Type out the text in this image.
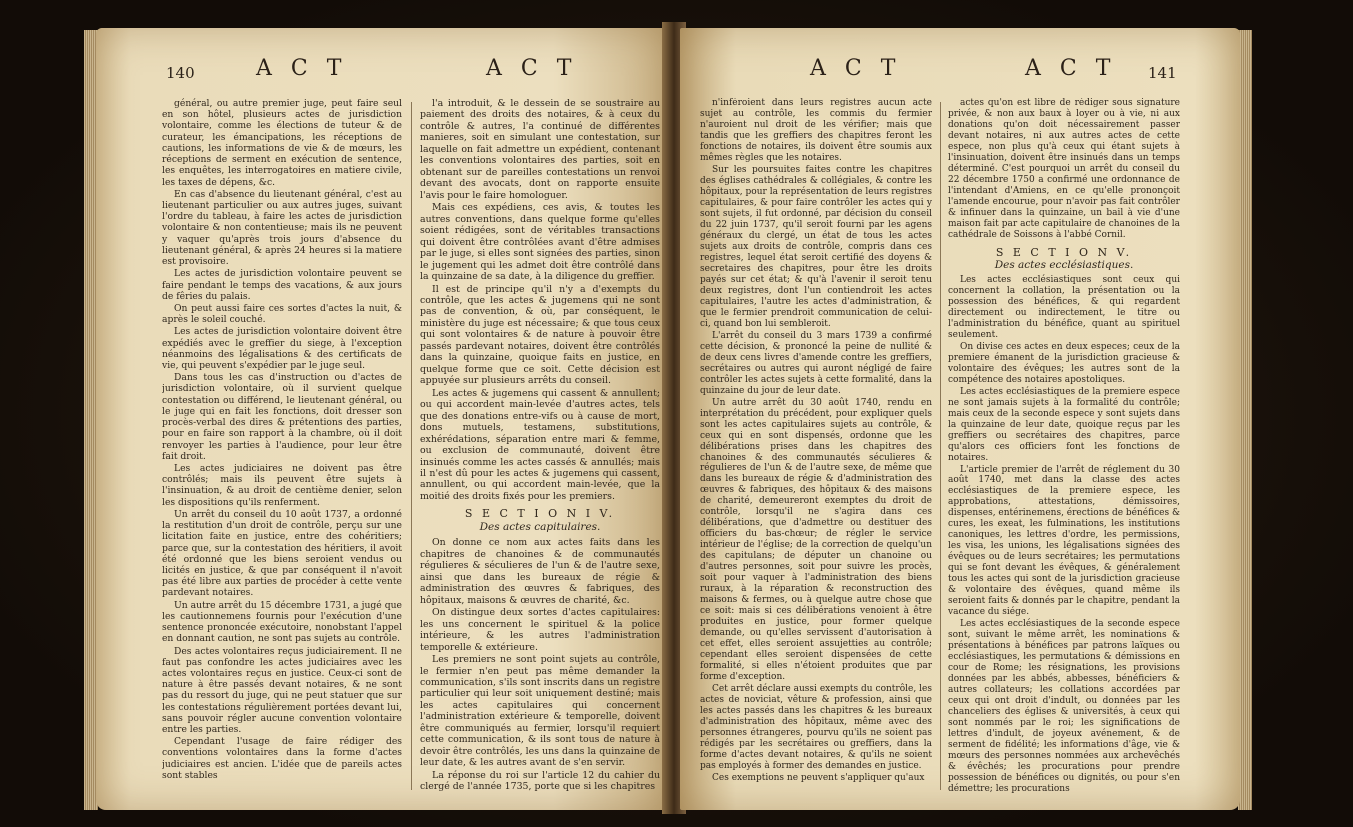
140	A C T	A C T

général, ou autre premier juge, peut faire seul en son hôtel, plusieurs actes de jurisdiction volontaire, comme les élections de tuteur & de curateur, les émancipations, les réceptions de cautions, les informations de vie & de mœurs, les réceptions de serment en exécution de sentence, les enquêtes, les interrogatoires en matiere civile, les taxes de dépens, &c.

En cas d'absence du lieutenant général, c'est au lieutenant particulier ou aux autres juges, suivant l'ordre du tableau, à faire les actes de jurisdiction volontaire & non contentieuse; mais ils ne peuvent y vaquer qu'après trois jours d'absence du lieutenant général, & après 24 heures si la matiere est provisoire.

Les actes de jurisdiction volontaire peuvent se faire pendant le temps des vacations, & aux jours de fêries du palais.

On peut aussi faire ces sortes d'actes la nuit, & après le soleil couché.

Les actes de jurisdiction volontaire doivent être expédiés avec le greffier du siege, à l'exception néanmoins des légalisations & des certificats de vie, qui peuvent s'expédier par le juge seul.

Dans tous les cas d'instruction ou d'actes de jurisdiction volontaire, où il survient quelque contestation ou différend, le lieutenant général, ou le juge qui en fait les fonctions, doit dresser son procès-verbal des dires & prétentions des parties, pour en faire son rapport à la chambre, où il doit renvoyer les parties à l'audience, pour leur être fait droit.

Les actes judiciaires ne doivent pas être contrôlés; mais ils peuvent être sujets à l'insinuation, & au droit de centième denier, selon les dispositions qu'ils renferment.

Un arrêt du conseil du 10 août 1737, a ordonné la restitution d'un droit de contrôle, perçu sur une licitation faite en justice, entre des cohéritiers; parce que, sur la contestation des héritiers, il avoit été ordonné que les biens seroient vendus ou licités en justice, & que par conséquent il n'avoit pas été libre aux parties de procéder à cette vente pardevant notaires.

Un autre arrêt du 15 décembre 1731, a jugé que les cautionnemens fournis pour l'exécution d'une sentence prononcée exécutoire, nonobstant l'appel en donnant caution, ne sont pas sujets au contrôle.

Des actes volontaires reçus judiciairement. Il ne faut pas confondre les actes judiciaires avec les actes volontaires reçus en justice. Ceux-ci sont de nature à être passés devant notaires, & ne sont pas du ressort du juge, qui ne peut statuer que sur les contestations régulièrement portées devant lui, sans pouvoir régler aucune convention volontaire entre les parties.

Cependant l'usage de faire rédiger des conventions volontaires dans la forme d'actes judiciaires est ancien. L'idée que de pareils actes sont stables

l'a introduit, & le dessein de se soustraire au paiement des droits des notaires, & à ceux du contrôle & autres, l'a continué de différentes manieres, soit en simulant une contestation, sur laquelle on fait admettre un expédient, contenant les conventions volontaires des parties, soit en obtenant sur de pareilles contestations un renvoi devant des avocats, dont on rapporte ensuite l'avis pour le faire homologuer.

Mais ces expédiens, ces avis, & toutes les autres conventions, dans quelque forme qu'elles soient rédigées, sont de véritables transactions qui doivent être contrôlées avant d'être admises par le juge, si elles sont signées des parties, sinon le jugement qui les admet doit être contrôlé dans la quinzaine de sa date, à la diligence du greffier.

Il est de principe qu'il n'y a d'exempts du contrôle, que les actes & jugemens qui ne sont pas de convention, & où, par conséquent, le ministère du juge est nécessaire; & que tous ceux qui sont volontaires & de nature à pouvoir être passés pardevant notaires, doivent être contrôlés dans la quinzaine, quoique faits en justice, en quelque forme que ce soit. Cette décision est appuyée sur plusieurs arrêts du conseil.

Les actes & jugemens qui cassent & annullent; ou qui accordent main-levée d'autres actes, tels que des donations entre-vifs ou à cause de mort, dons mutuels, testamens, substitutions, exhérédations, séparation entre mari & femme, ou exclusion de communauté, doivent être insinués comme les actes cassés & annullés; mais il n'est dû pour les actes & jugemens qui cassent, annullent, ou qui accordent main-levée, que la moitié des droits fixés pour les premiers.

S E C T I O N I V.
Des actes capitulaires.

On donne ce nom aux actes faits dans les chapitres de chanoines & de communautés régulieres & séculieres de l'un & de l'autre sexe, ainsi que dans les bureaux de régie & administration des œuvres & fabriques, des hôpitaux, maisons & œuvres de charité, &c.

On distingue deux sortes d'actes capitulaires: les uns concernent le spirituel & la police intérieure, & les autres l'administration temporelle & extérieure.

Les premiers ne sont point sujets au contrôle, le fermier n'en peut pas même demander la communication, s'ils sont inscrits dans un registre particulier qui leur soit uniquement destiné; mais les actes capitulaires qui concernent l'administration extérieure & temporelle, doivent être communiqués au fermier, lorsqu'il requiert cette communication, & ils sont tous de nature à devoir être contrôlés, les uns dans la quinzaine de leur date, & les autres avant de s'en servir.

La réponse du roi sur l'article 12 du cahier du clergé de l'année 1735, porte que si les chapitres

A C T	A C T 141

n'inféroient dans leurs registres aucun acte sujet au contrôle, les commis du fermier n'auroient nul droit de les vérifier; mais que tandis que les greffiers des chapitres feront les fonctions de notaires, ils doivent être soumis aux mêmes règles que les notaires.

Sur les poursuites faites contre les chapitres des églises cathédrales & collégiales, & contre les hôpitaux, pour la représentation de leurs registres capitulaires, & pour faire contrôler les actes qui y sont sujets, il fut ordonné, par décision du conseil du 22 juin 1737, qu'il seroit fourni par les agens généraux du clergé, un état de tous les actes sujets aux droits de contrôle, compris dans ces registres, lequel état seroit certifié des doyens & secretaires des chapitres, pour être les droits payés sur cet état; & qu'à l'avenir il seroit tenu deux registres, dont l'un contiendroit les actes capitulaires, l'autre les actes d'administration, & que le fermier prendroit communication de celui-ci, quand bon lui sembleroit.

L'arrêt du conseil du 3 mars 1739 a confirmé cette décision, & prononcé la peine de nullité & de deux cens livres d'amende contre les greffiers, secrétaires ou autres qui auront négligé de faire contrôler les actes sujets à cette formalité, dans la quinzaine du jour de leur date.

Un autre arrêt du 30 août 1740, rendu en interprétation du précédent, pour expliquer quels sont les actes capitulaires sujets au contrôle, & ceux qui en sont dispensés, ordonne que les délibérations prises dans les chapitres des chanoines & des communautés séculieres & régulieres de l'un & de l'autre sexe, de même que dans les bureaux de régie & d'administration des œuvres & fabriques, des hôpitaux & des maisons de charité, demeureront exemptes du droit de contrôle, lorsqu'il ne s'agira dans ces délibérations, que d'admettre ou destituer des officiers du bas-chœur; de régler le service intérieur de l'église; de la correction de quelqu'un des capitulans; de députer un chanoine ou d'autres personnes, soit pour suivre les procès, soit pour vaquer à l'administration des biens ruraux, à la réparation & reconstruction des maisons & fermes, ou à quelque autre chose que ce soit: mais si ces délibérations venoient à être produites en justice, pour former quelque demande, ou qu'elles servissent d'autorisation à cet effet, elles seroient assujetties au contrôle; cependant elles seroient dispensées de cette formalité, si elles n'étoient produites que par forme d'exception.

Cet arrêt déclare aussi exempts du contrôle, les actes de noviciat, vêture & profession, ainsi que les actes passés dans les chapitres & les bureaux d'administration des hôpitaux, même avec des personnes étrangeres, pourvu qu'ils ne soient pas rédigés par les secrétaires ou greffiers, dans la forme d'actes devant notaires, & qu'ils ne soient pas employés à former des demandes en justice.

Ces exemptions ne peuvent s'appliquer qu'aux

actes qu'on est libre de rédiger sous signature privée, & non aux baux à loyer ou à vie, ni aux donations qu'on doit nécessairement passer devant notaires, ni aux autres actes de cette espece, non plus qu'à ceux qui étant sujets à l'insinuation, doivent être insinués dans un temps déterminé. C'est pourquoi un arrêt du conseil du 22 décembre 1750 a confirmé une ordonnance de l'intendant d'Amiens, en ce qu'elle prononçoit l'amende encourue, pour n'avoir pas fait contrôler & infinuer dans la quinzaine, un bail à vie d'une maison fait par acte capitulaire de chanoines de la cathédrale de Soissons à l'abbé Cornil.

S E C T I O N V.
Des actes ecclésiastiques.

Les actes ecclésiastiques sont ceux qui concernent la collation, la présentation ou la possession des bénéfices, & qui regardent directement ou indirectement, le titre ou l'administration du bénéfice, quant au spirituel seulement.

On divise ces actes en deux especes; ceux de la premiere émanent de la jurisdiction gracieuse & volontaire des évêques; les autres sont de la compétence des notaires apostoliques.

Les actes ecclésiastiques de la premiere espece ne sont jamais sujets à la formalité du contrôle; mais ceux de la seconde espece y sont sujets dans la quinzaine de leur date, quoique reçus par les greffiers ou secrétaires des chapitres, parce qu'alors ces officiers font les fonctions de notaires.

L'article premier de l'arrêt de réglement du 30 août 1740, met dans la classe des actes ecclésiastiques de la premiere espece, les approbations, attestations, démissoires, dispenses, entérinemens, érections de bénéfices & cures, les exeat, les fulminations, les institutions canoniques, les lettres d'ordre, les permissions, les visa, les unions, les légalisations signées des évêques ou de leurs secrétaires; les permutations qui se font devant les évêques, & généralement tous les actes qui sont de la jurisdiction gracieuse & volontaire des évêques, quand même ils seroient faits & donnés par le chapitre, pendant la vacance du siége.

Les actes ecclésiastiques de la seconde espece sont, suivant le même arrêt, les nominations & présentations à bénéfices par patrons laïques ou ecclésiastiques, les permutations & démissions en cour de Rome; les résignations, les provisions données par les abbés, abbesses, bénéficiers & autres collateurs; les collations accordées par ceux qui ont droit d'indult, ou données par les chanceliers des églises & universités, à ceux qui sont nommés par le roi; les significations de lettres d'indult, de joyeux avénement, & de serment de fidélité; les informations d'âge, vie & mœurs des personnes nommées aux archevêchés & évêchés; les procurations pour prendre possession de bénéfices ou dignités, ou pour s'en démettre; les procurations
